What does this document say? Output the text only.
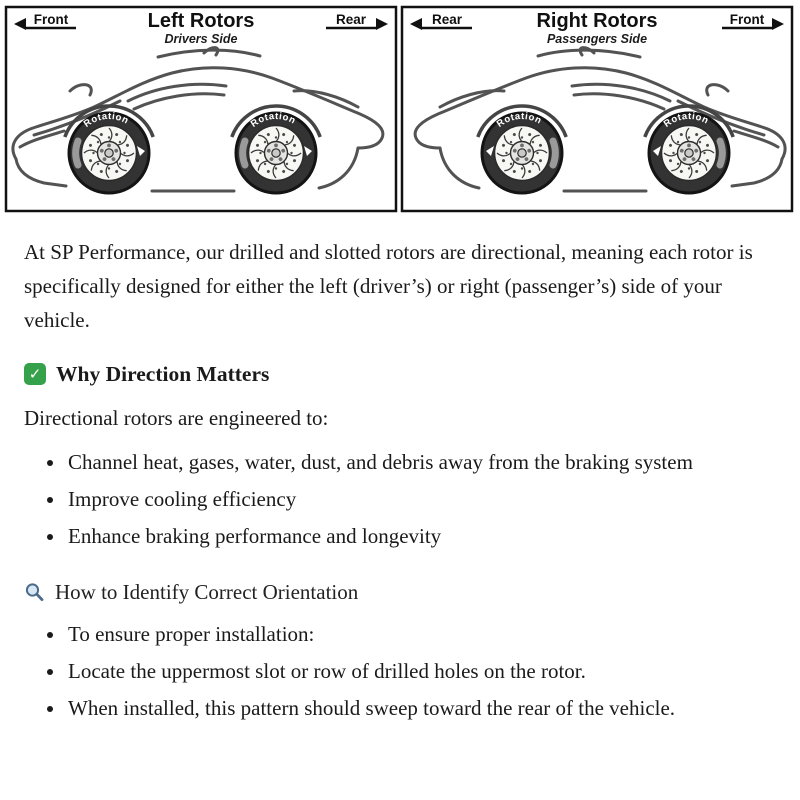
Left Rotors
Drivers Side
Front	Rear
Rotation	Rotation
Right Rotors
Passengers Side
Rear	Front
Rotation	Rotation

At SP Performance, our drilled and slotted rotors are directional, meaning each rotor is specifically designed for either the left (driver’s) or right (passenger’s) side of your vehicle.

✓ Why Direction Matters

Directional rotors are engineered to:

• Channel heat, gases, water, dust, and debris away from the braking system
• Improve cooling efficiency
• Enhance braking performance and longevity
How to Identify Correct Orientation
• To ensure proper installation:
• Locate the uppermost slot or row of drilled holes on the rotor.
• When installed, this pattern should sweep toward the rear of the vehicle.
